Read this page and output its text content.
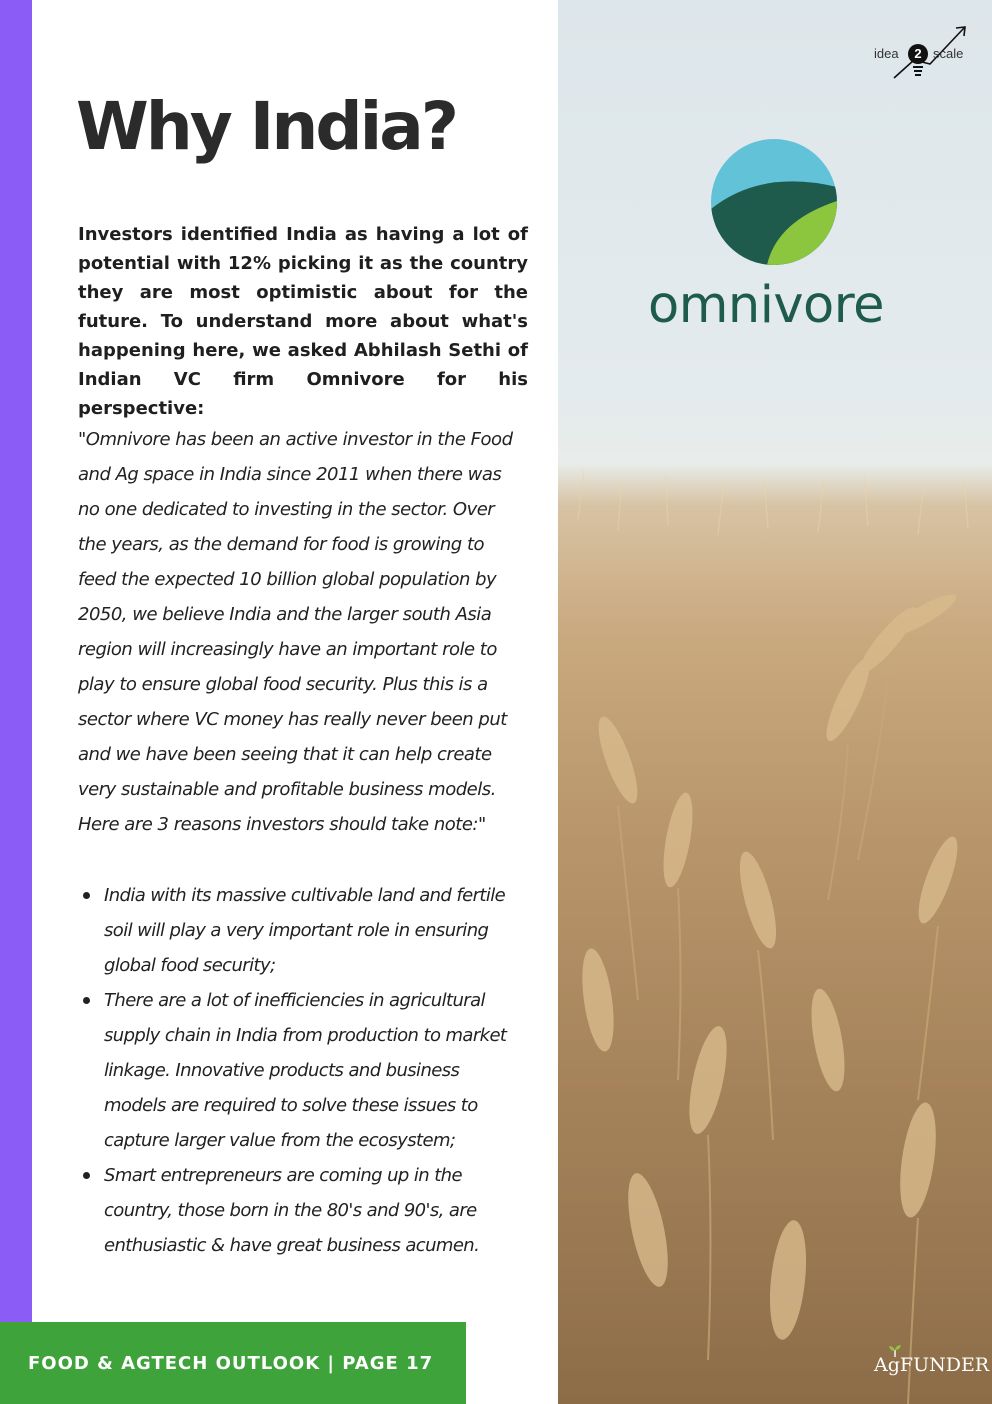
Why India?

Investors identified India as having a lot of potential with 12% picking it as the country they are most optimistic about for the future. To understand more about what's happening here, we asked Abhilash Sethi of Indian VC firm Omnivore for his perspective:

"Omnivore has been an active investor in the Food and Ag space in India since 2011 when there was no one dedicated to investing in the sector. Over the years, as the demand for food is growing to feed the expected 10 billion global population by 2050, we believe India and the larger south Asia region will increasingly have an important role to play to ensure global food security. Plus this is a sector where VC money has really never been put and we have been seeing that it can help create very sustainable and profitable business models. Here are 3 reasons investors should take note:"

India with its massive cultivable land and fertile soil will play a very important role in ensuring global food security;
There are a lot of inefficiencies in agricultural supply chain in India from production to market linkage. Innovative products and business models are required to solve these issues to capture larger value from the ecosystem;
Smart entrepreneurs are coming up in the country, those born in the 80's and 90's, are enthusiastic & have great business acumen.
FOOD & AGTECH OUTLOOK | PAGE 17
idea	2 scale
omnivore
AgFUNDER
